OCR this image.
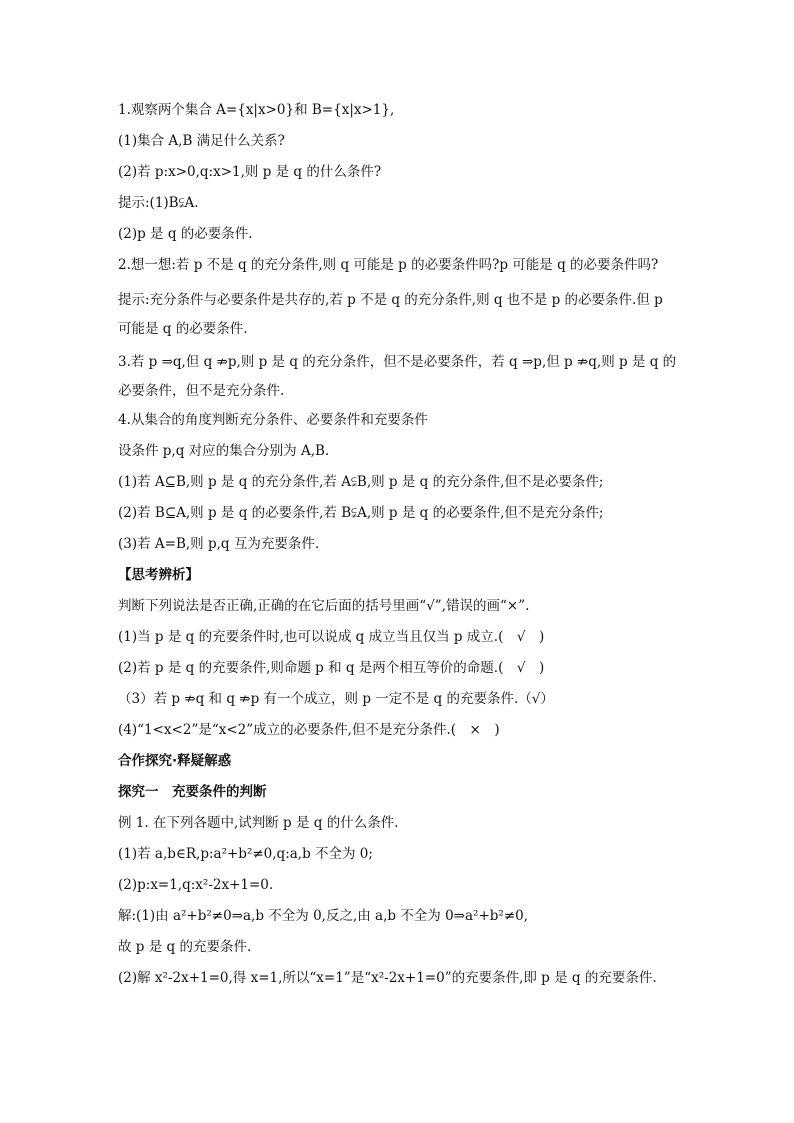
1.观察两个集合 A={x|x>0}和 B={x|x>1},

(1)集合 A,B 满足什么关系?

(2)若 p:x>0,q:x>1,则 p 是 q 的什么条件?

提示:(1)B⫋A.

(2)p 是 q 的必要条件.

2.想一想:若 p 不是 q 的充分条件,则 q 可能是 p 的必要条件吗?p 可能是 q 的必要条件吗?

提示:充分条件与必要条件是共存的,若 p 不是 q 的充分条件,则 q 也不是 p 的必要条件.但 p 可能是 q 的必要条件.

3.若 p ⇒q,但 q ⇏p,则 p 是 q 的充分条件，但不是必要条件，若 q ⇒p,但 p ⇏q,则 p 是 q 的必要条件，但不是充分条件.

4.从集合的角度判断充分条件、必要条件和充要条件

设条件 p,q 对应的集合分别为 A,B.

(1)若 A⊆B,则 p 是 q 的充分条件,若 A⫋B,则 p 是 q 的充分条件,但不是必要条件;

(2)若 B⊆A,则 p 是 q 的必要条件,若 B⫋A,则 p 是 q 的必要条件,但不是充分条件;

(3)若 A=B,则 p,q 互为充要条件.

【思考辨析】

判断下列说法是否正确,正确的在它后面的括号里画“√”,错误的画“×”.

(1)当 p 是 q 的充要条件时,也可以说成 q 成立当且仅当 p 成立.(　√　)

(2)若 p 是 q 的充要条件,则命题 p 和 q 是两个相互等价的命题.(　√　)

（3）若 p ⇏q 和 q ⇏p 有一个成立，则 p 一定不是 q 的充要条件.（√）

(4)“1<x<2”是“x<2”成立的必要条件,但不是充分条件.(　×　)

合作探究·释疑解惑

探究一　充要条件的判断

例 1. 在下列各题中,试判断 p 是 q 的什么条件.

(1)若 a,b∈R,p:a²+b²≠0,q:a,b 不全为 0;

(2)p:x=1,q:x²-2x+1=0.

解:(1)由 a²+b²≠0⇒a,b 不全为 0,反之,由 a,b 不全为 0⇒a²+b²≠0,

故 p 是 q 的充要条件.

(2)解 x²-2x+1=0,得 x=1,所以“x=1”是“x²-2x+1=0”的充要条件,即 p 是 q 的充要条件.
